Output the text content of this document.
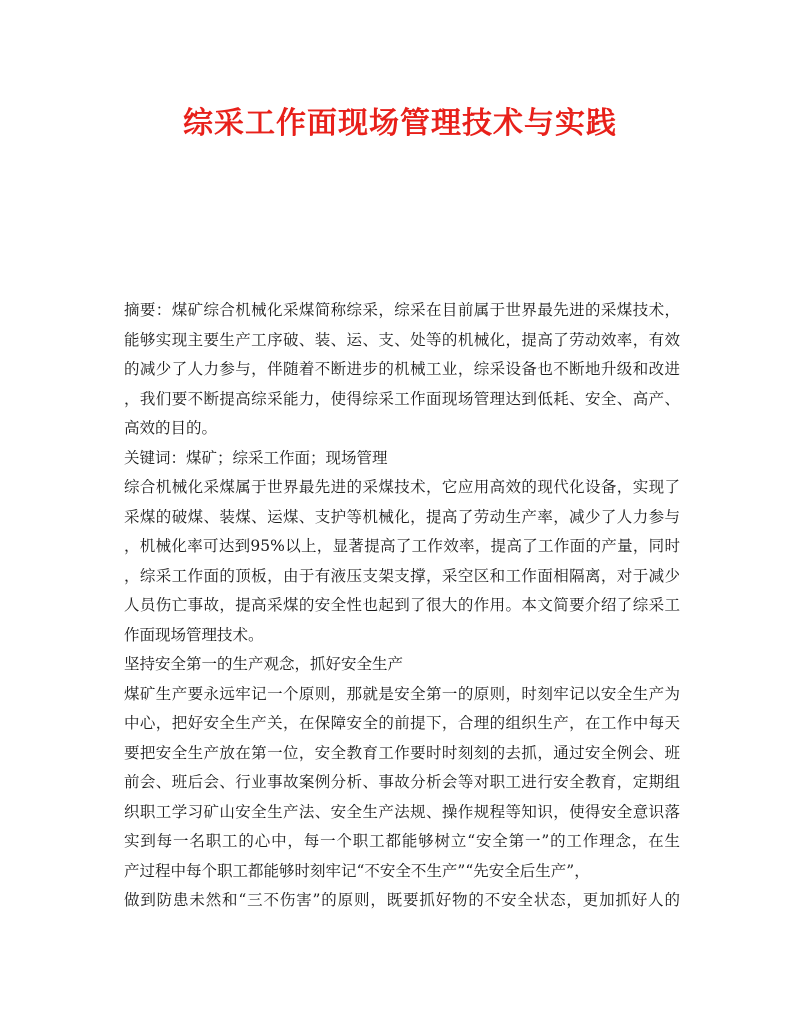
综采工作面现场管理技术与实践
摘要：煤矿综合机械化采煤简称综采，综采在目前属于世界最先进的采煤技术，
能够实现主要生产工序破、装、运、支、处等的机械化，提高了劳动效率，有效
的减少了人力参与，伴随着不断进步的机械工业，综采设备也不断地升级和改进
，我们要不断提高综采能力，使得综采工作面现场管理达到低耗、安全、高产、
高效的目的。
关键词：煤矿；综采工作面；现场管理
综合机械化采煤属于世界最先进的采煤技术，它应用高效的现代化设备，实现了
采煤的破煤、装煤、运煤、支护等机械化，提高了劳动生产率，减少了人力参与
，机械化率可达到95%以上，显著提高了工作效率，提高了工作面的产量，同时
，综采工作面的顶板，由于有液压支架支撑，采空区和工作面相隔离，对于减少
人员伤亡事故，提高采煤的安全性也起到了很大的作用。本文简要介绍了综采工
作面现场管理技术。
坚持安全第一的生产观念，抓好安全生产
煤矿生产要永远牢记一个原则，那就是安全第一的原则，时刻牢记以安全生产为
中心，把好安全生产关，在保障安全的前提下，合理的组织生产，在工作中每天
要把安全生产放在第一位，安全教育工作要时时刻刻的去抓，通过安全例会、班
前会、班后会、行业事故案例分析、事故分析会等对职工进行安全教育，定期组
织职工学习矿山安全生产法、安全生产法规、操作规程等知识，使得安全意识落
实到每一名职工的心中，每一个职工都能够树立“安全第一”的工作理念，在生
产过程中每个职工都能够时刻牢记“不安全不生产”“先安全后生产”，
做到防患未然和“三不伤害”的原则，既要抓好物的不安全状态，更加抓好人的
